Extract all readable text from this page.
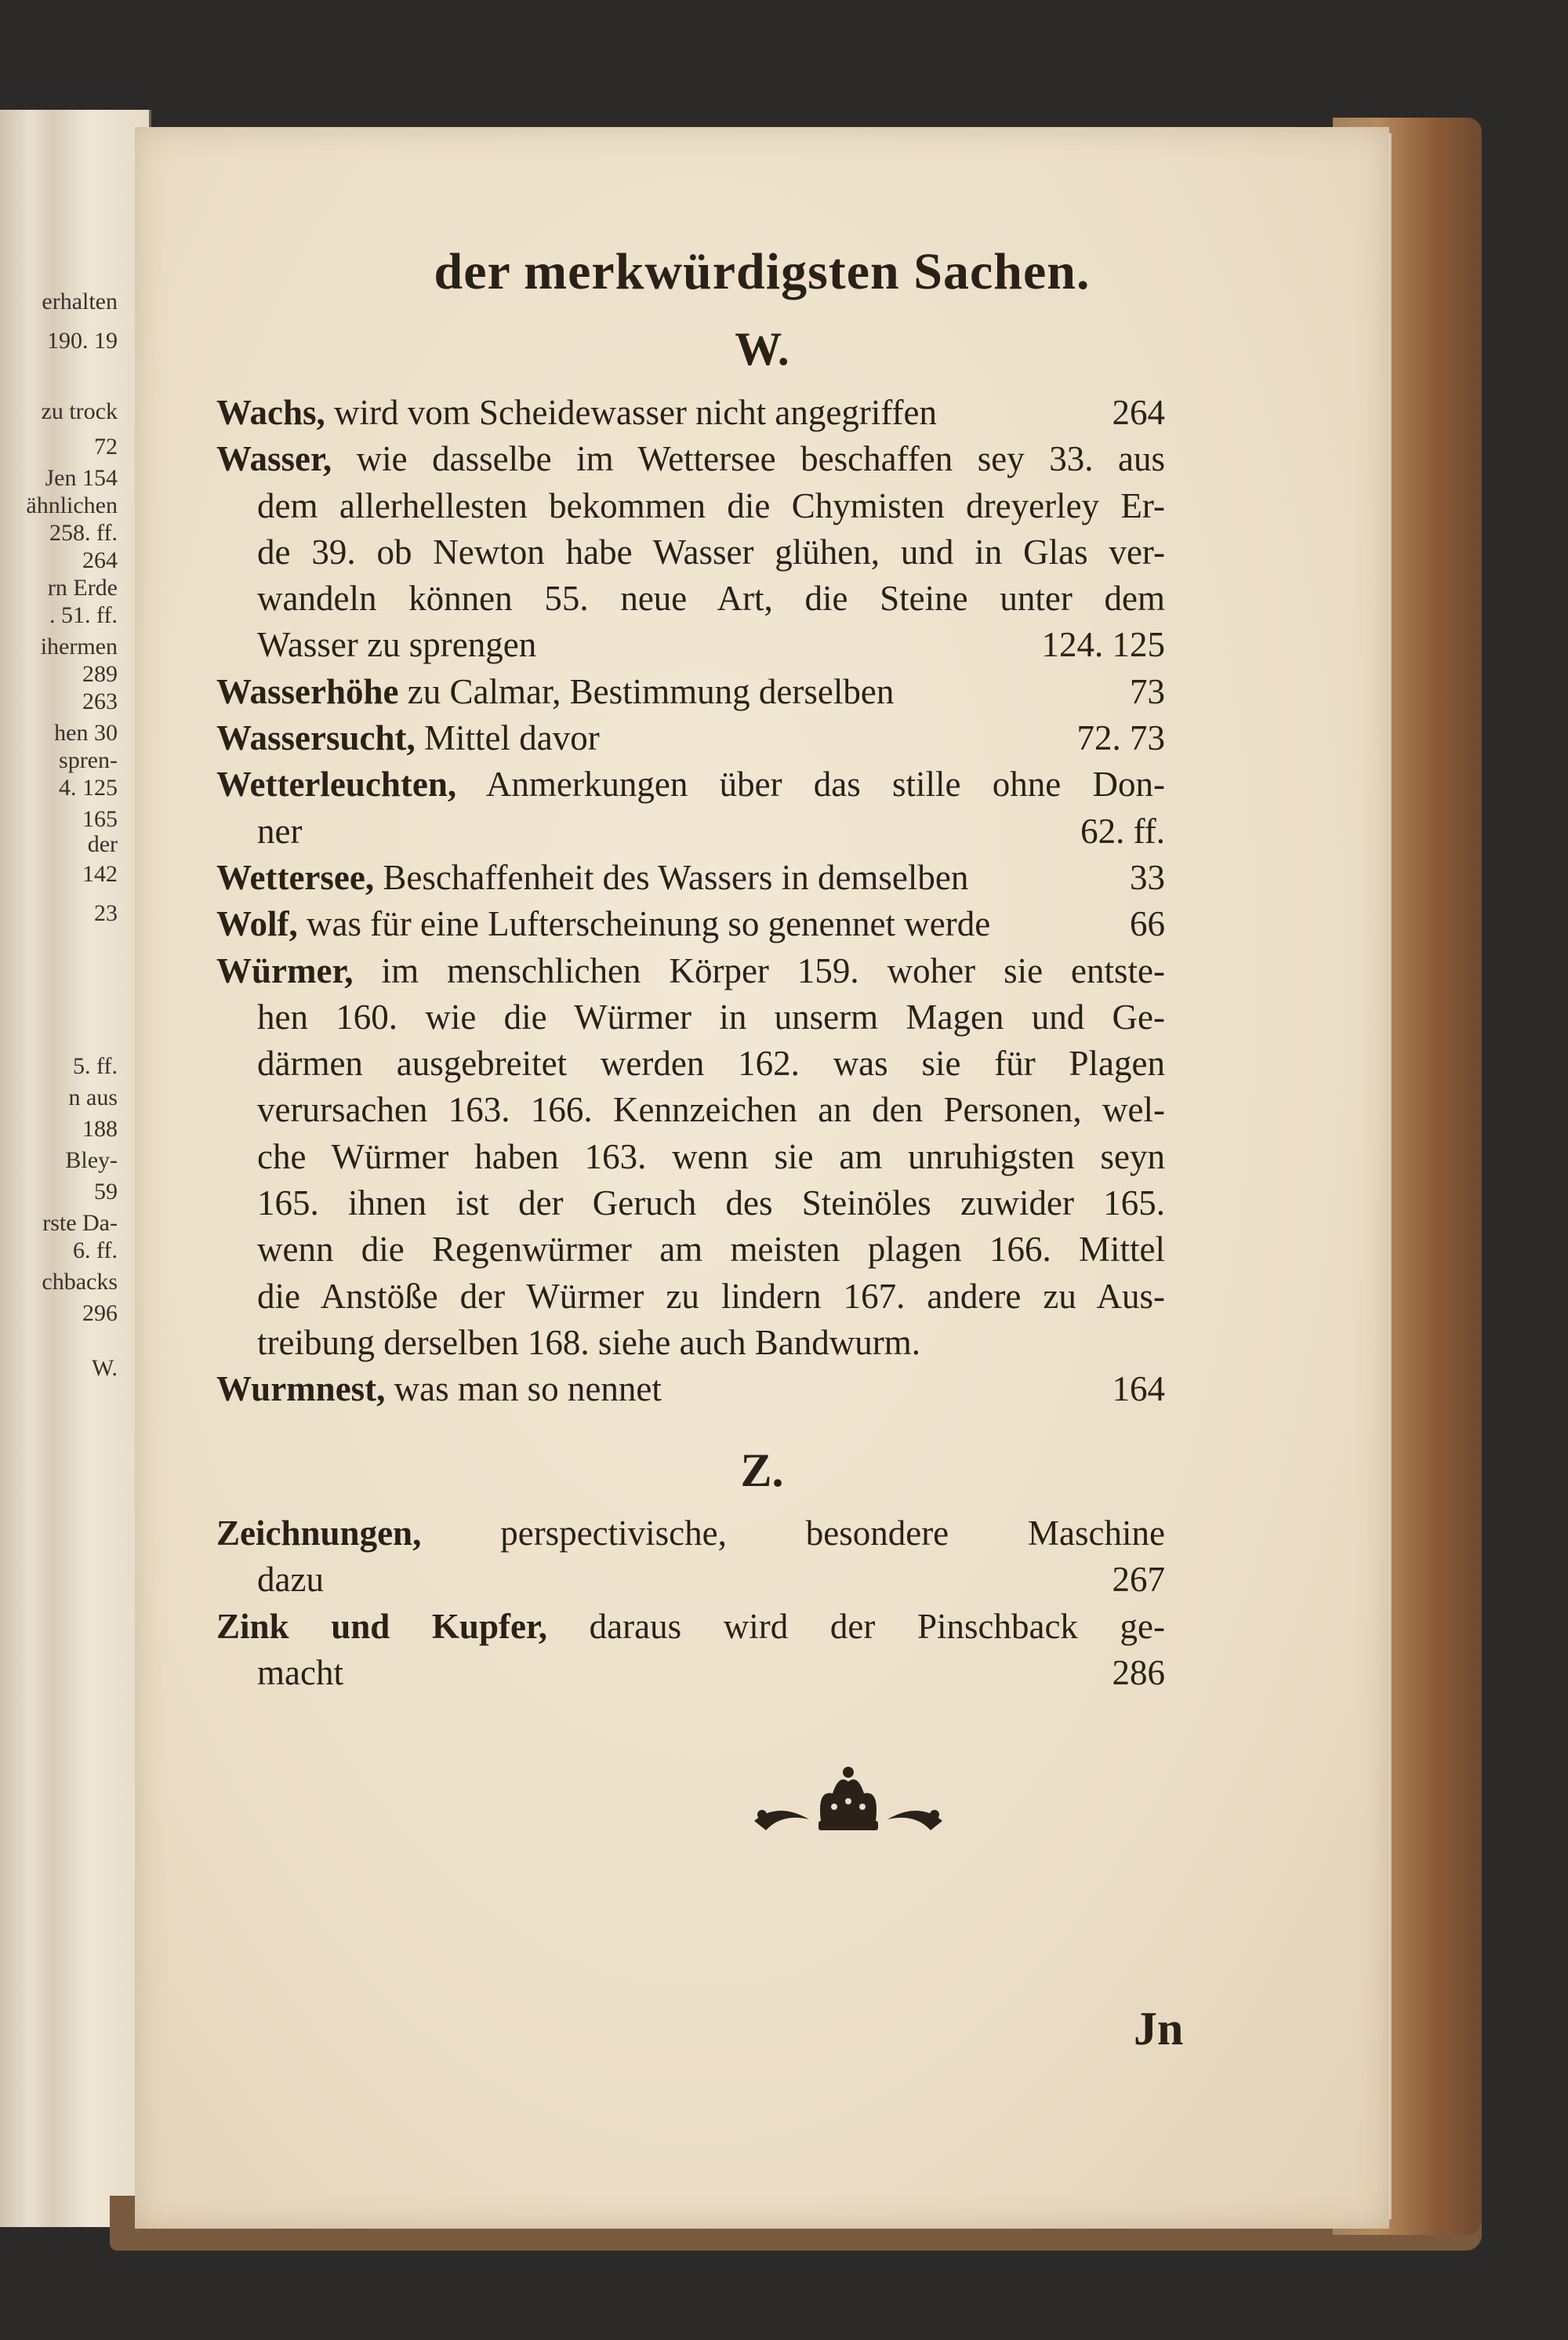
erhalten
190. 19
zu trock
72
Jen 154
ähnlichen
258. ff.
264
rn Erde
. 51. ff.
ihermen
289
263
hen 30
spren-
4. 125
165
der
142
23
5. ff.
n aus
188
Bley-
59
rste Da-
6. ff.
chbacks
296
W.
der merkwürdigsten Sachen.
W.
Wachs, wird vom Scheidewasser nicht angegriffen	264
Wasser, wie dasselbe im Wettersee beschaffen sey 33. aus
dem allerhellesten bekommen die Chymisten dreyerley Er-
de 39. ob Newton habe Wasser glühen, und in Glas ver-
wandeln können 55. neue Art, die Steine unter dem
Wasser zu sprengen	124. 125
Wasserhöhe zu Calmar, Bestimmung derselben	73
Wassersucht, Mittel davor	72. 73
Wetterleuchten, Anmerkungen über das stille ohne Don-
ner	62. ff.
Wettersee, Beschaffenheit des Wassers in demselben	33
Wolf, was für eine Lufterscheinung so genennet werde	66
Würmer, im menschlichen Körper 159. woher sie entste-
hen 160. wie die Würmer in unserm Magen und Ge-
därmen ausgebreitet werden 162. was sie für Plagen
verursachen 163. 166. Kennzeichen an den Personen, wel-
che Würmer haben 163. wenn sie am unruhigsten seyn
165. ihnen ist der Geruch des Steinöles zuwider 165.
wenn die Regenwürmer am meisten plagen 166. Mittel
die Anstöße der Würmer zu lindern 167. andere zu Aus-
treibung derselben 168. siehe auch Bandwurm.
Wurmnest, was man so nennet	164
Z.
Zeichnungen, perspectivische, besondere Maschine
dazu	267
Zink und Kupfer, daraus wird der Pinschback ge-
macht	286
Jn
